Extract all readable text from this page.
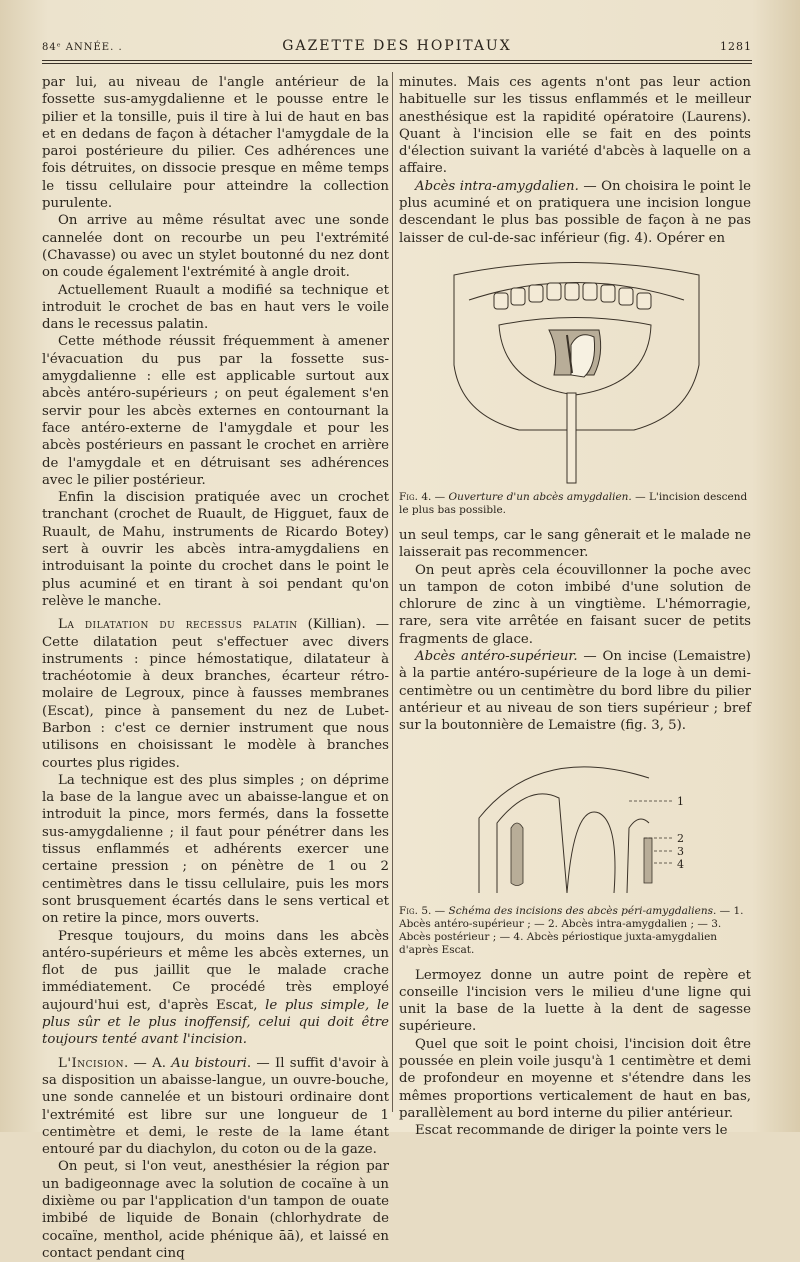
84ᵉ ANNÉE. .	GAZETTE DES HOPITAUX	1281

par lui, au niveau de l'angle antérieur de la fossette sus-amygdalienne et le pousse entre le pilier et la tonsille, puis il tire à lui de haut en bas et en dedans de façon à détacher l'amygdale de la paroi postérieure du pilier. Ces adhérences une fois détruites, on dissocie presque en même temps le tissu cellulaire pour atteindre la collection purulente.

On arrive au même résultat avec une sonde cannelée dont on recourbe un peu l'extrémité (Chavasse) ou avec un stylet boutonné du nez dont on coude également l'extrémité à angle droit.

Actuellement Ruault a modifié sa technique et introduit le crochet de bas en haut vers le voile dans le recessus palatin.

Cette méthode réussit fréquemment à amener l'évacuation du pus par la fossette sus-amygdalienne : elle est applicable surtout aux abcès antéro-supérieurs ; on peut également s'en servir pour les abcès externes en contournant la face antéro-externe de l'amygdale et pour les abcès postérieurs en passant le crochet en arrière de l'amygdale et en détruisant ses adhérences avec le pilier postérieur.

Enfin la discision pratiquée avec un crochet tranchant (crochet de Ruault, de Higguet, faux de Ruault, de Mahu, instruments de Ricardo Botey) sert à ouvrir les abcès intra-amygdaliens en introduisant la pointe du crochet dans le point le plus acuminé et en tirant à soi pendant qu'on relève le manche.

La dilatation du recessus palatin (Killian). — Cette dilatation peut s'effectuer avec divers instruments : pince hémostatique, dilatateur à trachéotomie à deux branches, écarteur rétro-molaire de Legroux, pince à fausses membranes (Escat), pince à pansement du nez de Lubet-Barbon : c'est ce dernier instrument que nous utilisons en choisissant le modèle à branches courtes plus rigides.

La technique est des plus simples ; on déprime la base de la langue avec un abaisse-langue et on introduit la pince, mors fermés, dans la fossette sus-amygdalienne ; il faut pour pénétrer dans les tissus enflammés et adhérents exercer une certaine pression ; on pénètre de 1 ou 2 centimètres dans le tissu cellulaire, puis les mors sont brusquement écartés dans le sens vertical et on retire la pince, mors ouverts.

Presque toujours, du moins dans les abcès antéro-supérieurs et même les abcès externes, un flot de pus jaillit que le malade crache immédiatement. Ce procédé très employé aujourd'hui est, d'après Escat, le plus simple, le plus sûr et le plus inoffensif, celui qui doit être toujours tenté avant l'incision.

L'Incision. — A. Au bistouri. — Il suffit d'avoir à sa disposition un abaisse-langue, un ouvre-bouche, une sonde cannelée et un bistouri ordinaire dont l'extrémité est libre sur une longueur de 1 centimètre et demi, le reste de la lame étant entouré par du diachylon, du coton ou de la gaze.

On peut, si l'on veut, anesthésier la région par un badigeonnage avec la solution de cocaïne à un dixième ou par l'application d'un tampon de ouate imbibé de liquide de Bonain (chlorhydrate de cocaïne, menthol, acide phénique āā), et laissé en contact pendant cinq

minutes. Mais ces agents n'ont pas leur action habituelle sur les tissus enflammés et le meilleur anesthésique est la rapidité opératoire (Laurens). Quant à l'incision elle se fait en des points d'élection suivant la variété d'abcès à laquelle on a affaire.

Abcès intra-amygdalien. — On choisira le point le plus acuminé et on pratiquera une incision longue descendant le plus bas possible de façon à ne pas laisser de cul-de-sac inférieur (fig. 4). Opérer en

Fig. 4. — Ouverture d'un abcès amygdalien. — L'incision descend le plus bas possible.

un seul temps, car le sang gênerait et le malade ne laisserait pas recommencer.

On peut après cela écouvillonner la poche avec un tampon de coton imbibé d'une solution de chlorure de zinc à un vingtième. L'hémorragie, rare, sera vite arrêtée en faisant sucer de petits fragments de glace.

Abcès antéro-supérieur. — On incise (Lemaistre) à la partie antéro-supérieure de la loge à un demi-centimètre ou un centimètre du bord libre du pilier antérieur et au niveau de son tiers supérieur ; bref sur la boutonnière de Lemaistre (fig. 3, 5).

1
2
3
4
Fig. 5. — Schéma des incisions des abcès péri-amygdaliens. — 1. Abcès antéro-supérieur ; — 2. Abcès intra-amygdalien ; — 3. Abcès postérieur ; — 4. Abcès périostique juxta-amygdalien d'après Escat.

Lermoyez donne un autre point de repère et conseille l'incision vers le milieu d'une ligne qui unit la base de la luette à la dent de sagesse supérieure.

Quel que soit le point choisi, l'incision doit être poussée en plein voile jusqu'à 1 centimètre et demi de profondeur en moyenne et s'étendre dans les mêmes proportions verticalement de haut en bas, parallèlement au bord interne du pilier antérieur.

Escat recommande de diriger la pointe vers le
